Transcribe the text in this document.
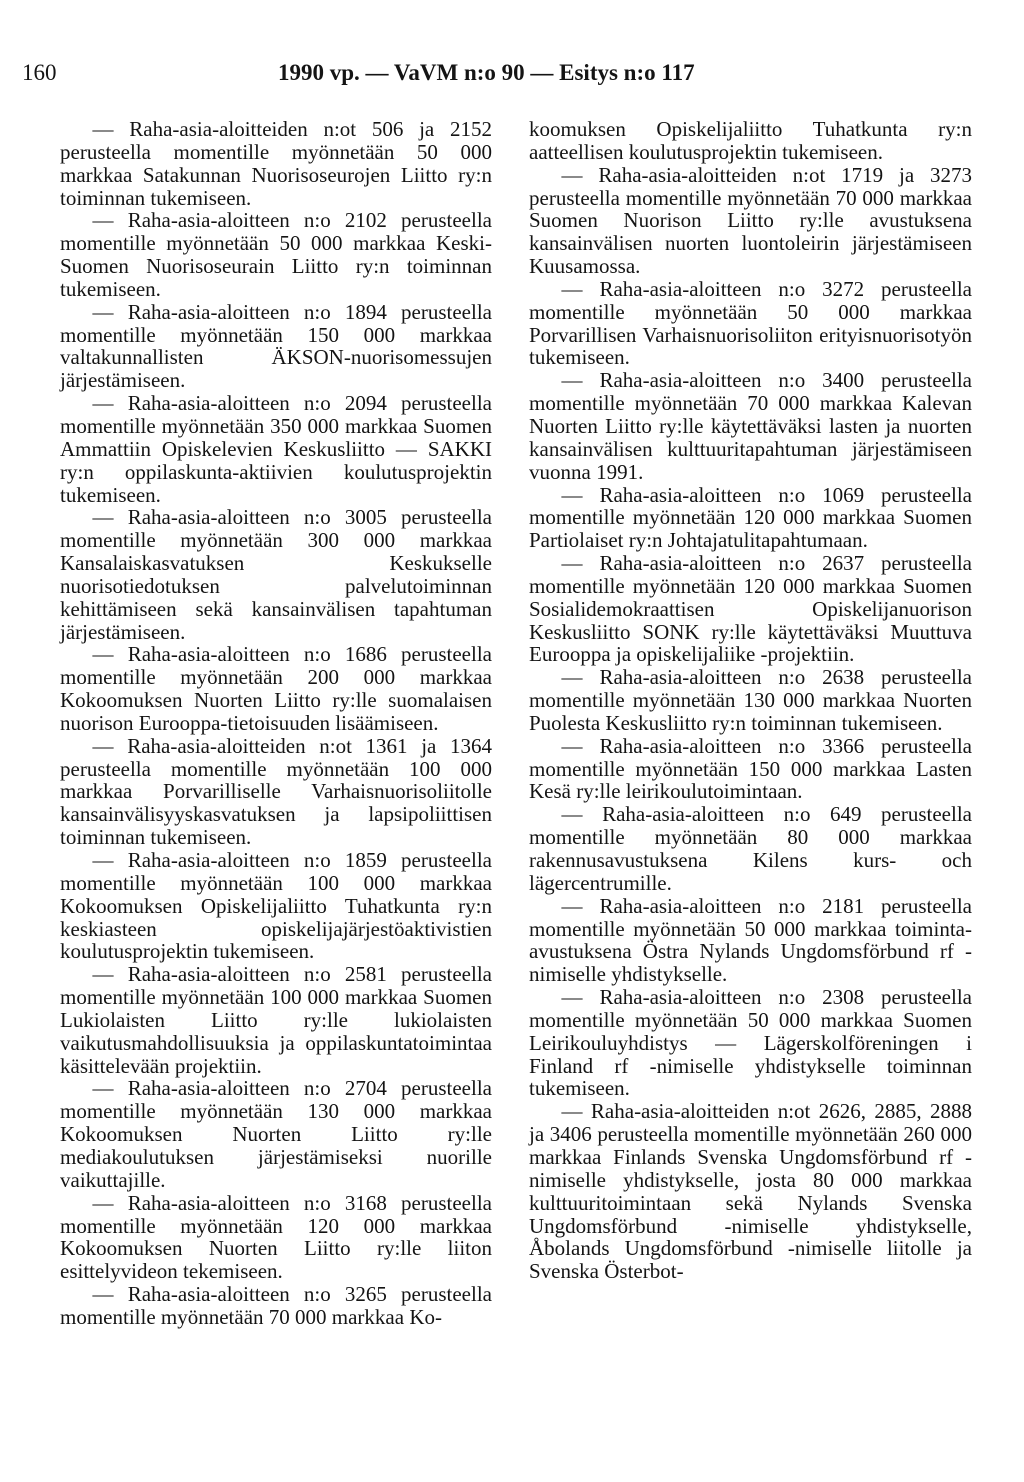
160	1990 vp. — VaVM n:o 90 — Esitys n:o 117

— Raha-asia-aloitteiden n:ot 506 ja 2152 perusteella momentille myönnetään 50 000 markkaa Satakunnan Nuorisoseurojen Liitto ry:n toiminnan tukemiseen.

— Raha-asia-aloitteen n:o 2102 perusteella momentille myönnetään 50 000 markkaa Keski-Suomen Nuorisoseurain Liitto ry:n toiminnan tukemiseen.

— Raha-asia-aloitteen n:o 1894 perusteella momentille myönnetään 150 000 markkaa valtakunnallisten ÄKSON-nuorisomessujen järjestämiseen.

— Raha-asia-aloitteen n:o 2094 perusteella momentille myönnetään 350 000 markkaa Suomen Ammattiin Opiskelevien Keskusliitto — SAKKI ry:n oppilaskunta-aktiivien koulutusprojektin tukemiseen.

— Raha-asia-aloitteen n:o 3005 perusteella momentille myönnetään 300 000 markkaa Kansalaiskasvatuksen Keskukselle nuorisotiedotuksen palvelutoiminnan kehittämiseen sekä kansainvälisen tapahtuman järjestämiseen.

— Raha-asia-aloitteen n:o 1686 perusteella momentille myönnetään 200 000 markkaa Kokoomuksen Nuorten Liitto ry:lle suomalaisen nuorison Eurooppa-tietoisuuden lisäämiseen.

— Raha-asia-aloitteiden n:ot 1361 ja 1364 perusteella momentille myönnetään 100 000 markkaa Porvarilliselle Varhaisnuorisoliitolle kansainvälisyyskasvatuksen ja lapsipoliittisen toiminnan tukemiseen.

— Raha-asia-aloitteen n:o 1859 perusteella momentille myönnetään 100 000 markkaa Kokoomuksen Opiskelijaliitto Tuhatkunta ry:n keskiasteen opiskelijajärjestöaktivistien koulutusprojektin tukemiseen.

— Raha-asia-aloitteen n:o 2581 perusteella momentille myönnetään 100 000 markkaa Suomen Lukiolaisten Liitto ry:lle lukiolaisten vaikutusmahdollisuuksia ja oppilaskuntatoimintaa käsittelevään projektiin.

— Raha-asia-aloitteen n:o 2704 perusteella momentille myönnetään 130 000 markkaa Kokoomuksen Nuorten Liitto ry:lle mediakoulutuksen järjestämiseksi nuorille vaikuttajille.

— Raha-asia-aloitteen n:o 3168 perusteella momentille myönnetään 120 000 markkaa Kokoomuksen Nuorten Liitto ry:lle liiton esittelyvideon tekemiseen.

— Raha-asia-aloitteen n:o 3265 perusteella momentille myönnetään 70 000 markkaa Ko-

koomuksen Opiskelijaliitto Tuhatkunta ry:n aatteellisen koulutusprojektin tukemiseen.

— Raha-asia-aloitteiden n:ot 1719 ja 3273 perusteella momentille myönnetään 70 000 markkaa Suomen Nuorison Liitto ry:lle avustuksena kansainvälisen nuorten luontoleirin järjestämiseen Kuusamossa.

— Raha-asia-aloitteen n:o 3272 perusteella momentille myönnetään 50 000 markkaa Porvarillisen Varhaisnuorisoliiton erityisnuorisotyön tukemiseen.

— Raha-asia-aloitteen n:o 3400 perusteella momentille myönnetään 70 000 markkaa Kalevan Nuorten Liitto ry:lle käytettäväksi lasten ja nuorten kansainvälisen kulttuuritapahtuman järjestämiseen vuonna 1991.

— Raha-asia-aloitteen n:o 1069 perusteella momentille myönnetään 120 000 markkaa Suomen Partiolaiset ry:n Johtajatulitapahtumaan.

— Raha-asia-aloitteen n:o 2637 perusteella momentille myönnetään 120 000 markkaa Suomen Sosialidemokraattisen Opiskelijanuorison Keskusliitto SONK ry:lle käytettäväksi Muuttuva Eurooppa ja opiskelijaliike -projektiin.

— Raha-asia-aloitteen n:o 2638 perusteella momentille myönnetään 130 000 markkaa Nuorten Puolesta Keskusliitto ry:n toiminnan tukemiseen.

— Raha-asia-aloitteen n:o 3366 perusteella momentille myönnetään 150 000 markkaa Lasten Kesä ry:lle leirikoulutoimintaan.

— Raha-asia-aloitteen n:o 649 perusteella momentille myönnetään 80 000 markkaa rakennusavustuksena Kilens kurs- och lägercentrumille.

— Raha-asia-aloitteen n:o 2181 perusteella momentille myönnetään 50 000 markkaa toiminta-avustuksena Östra Nylands Ungdomsförbund rf -nimiselle yhdistykselle.

— Raha-asia-aloitteen n:o 2308 perusteella momentille myönnetään 50 000 markkaa Suomen Leirikouluyhdistys — Lägerskolföreningen i Finland rf -nimiselle yhdistykselle toiminnan tukemiseen.

— Raha-asia-aloitteiden n:ot 2626, 2885, 2888 ja 3406 perusteella momentille myönnetään 260 000 markkaa Finlands Svenska Ungdomsförbund rf -nimiselle yhdistykselle, josta 80 000 markkaa kulttuuritoimintaan sekä Nylands Svenska Ungdomsförbund -nimiselle yhdistykselle, Åbolands Ungdomsförbund -nimiselle liitolle ja Svenska Österbot-
